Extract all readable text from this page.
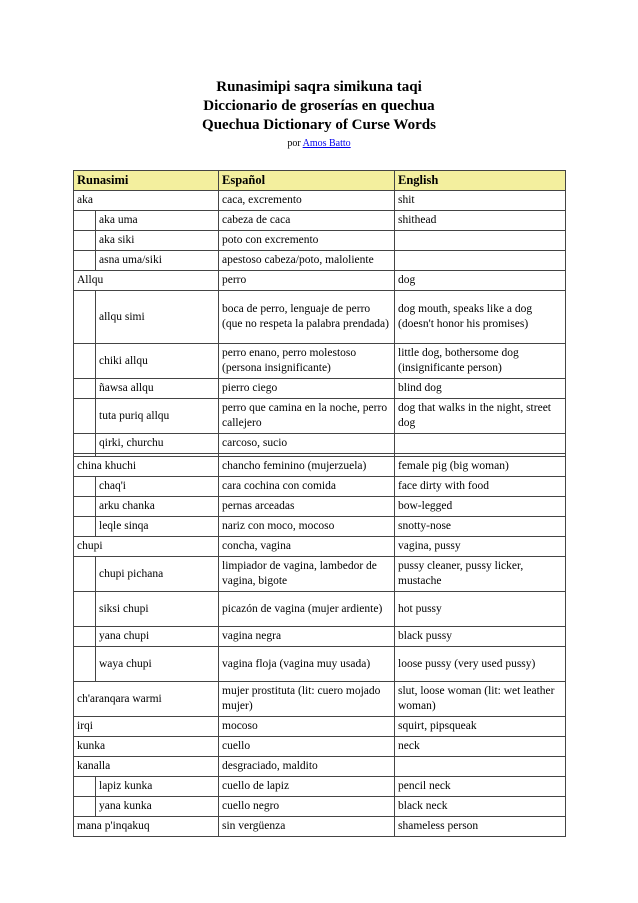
Runasimipi saqra simikuna taqi
Diccionario de groserías en quechua
Quechua Dictionary of Curse Words
por Amos Batto
Runasimi		Español	English
aka		caca, excremento	shit
	aka uma	cabeza de caca	shithead
	aka siki	poto con excremento	
	asna uma/siki	apestoso cabeza/poto, maloliente	
Allqu		perro	dog
	allqu simi	boca de perro, lenguaje de perro (que no respeta la palabra prendada)	dog mouth, speaks like a dog (doesn't honor his promises)
	chiki allqu	perro enano, perro molestoso (persona insignificante)	little dog, bothersome dog (insignificante person)
	ñawsa allqu	pierro ciego	blind dog
	tuta puriq allqu	perro que camina en la noche, perro callejero	dog that walks in the night, street dog
	qirki, churchu	carcoso, sucio	

china khuchi		chancho feminino (mujerzuela)	female pig (big woman)
	chaq'i	cara cochina con comida	face dirty with food
	arku chanka	pernas arceadas	bow-legged
	leqle sinqa	nariz con moco, mocoso	snotty-nose
chupi		concha, vagina	vagina, pussy
	chupi pichana	limpiador de vagina, lambedor de vagina, bigote	pussy cleaner, pussy licker, mustache
	siksi chupi	picazón de vagina (mujer ardiente)	hot pussy
	yana chupi	vagina negra	black pussy
	waya chupi	vagina floja (vagina muy usada)	loose pussy (very used pussy)
ch'aranqara warmi		mujer prostituta (lit: cuero mojado mujer)	slut, loose woman (lit: wet leather woman)
irqi		mocoso	squirt, pipsqueak
kunka		cuello	neck
kanalla		desgraciado, maldito	
	lapiz kunka	cuello de lapiz	pencil neck
	yana kunka	cuello negro	black neck
mana p'inqakuq		sin vergüenza	shameless person
